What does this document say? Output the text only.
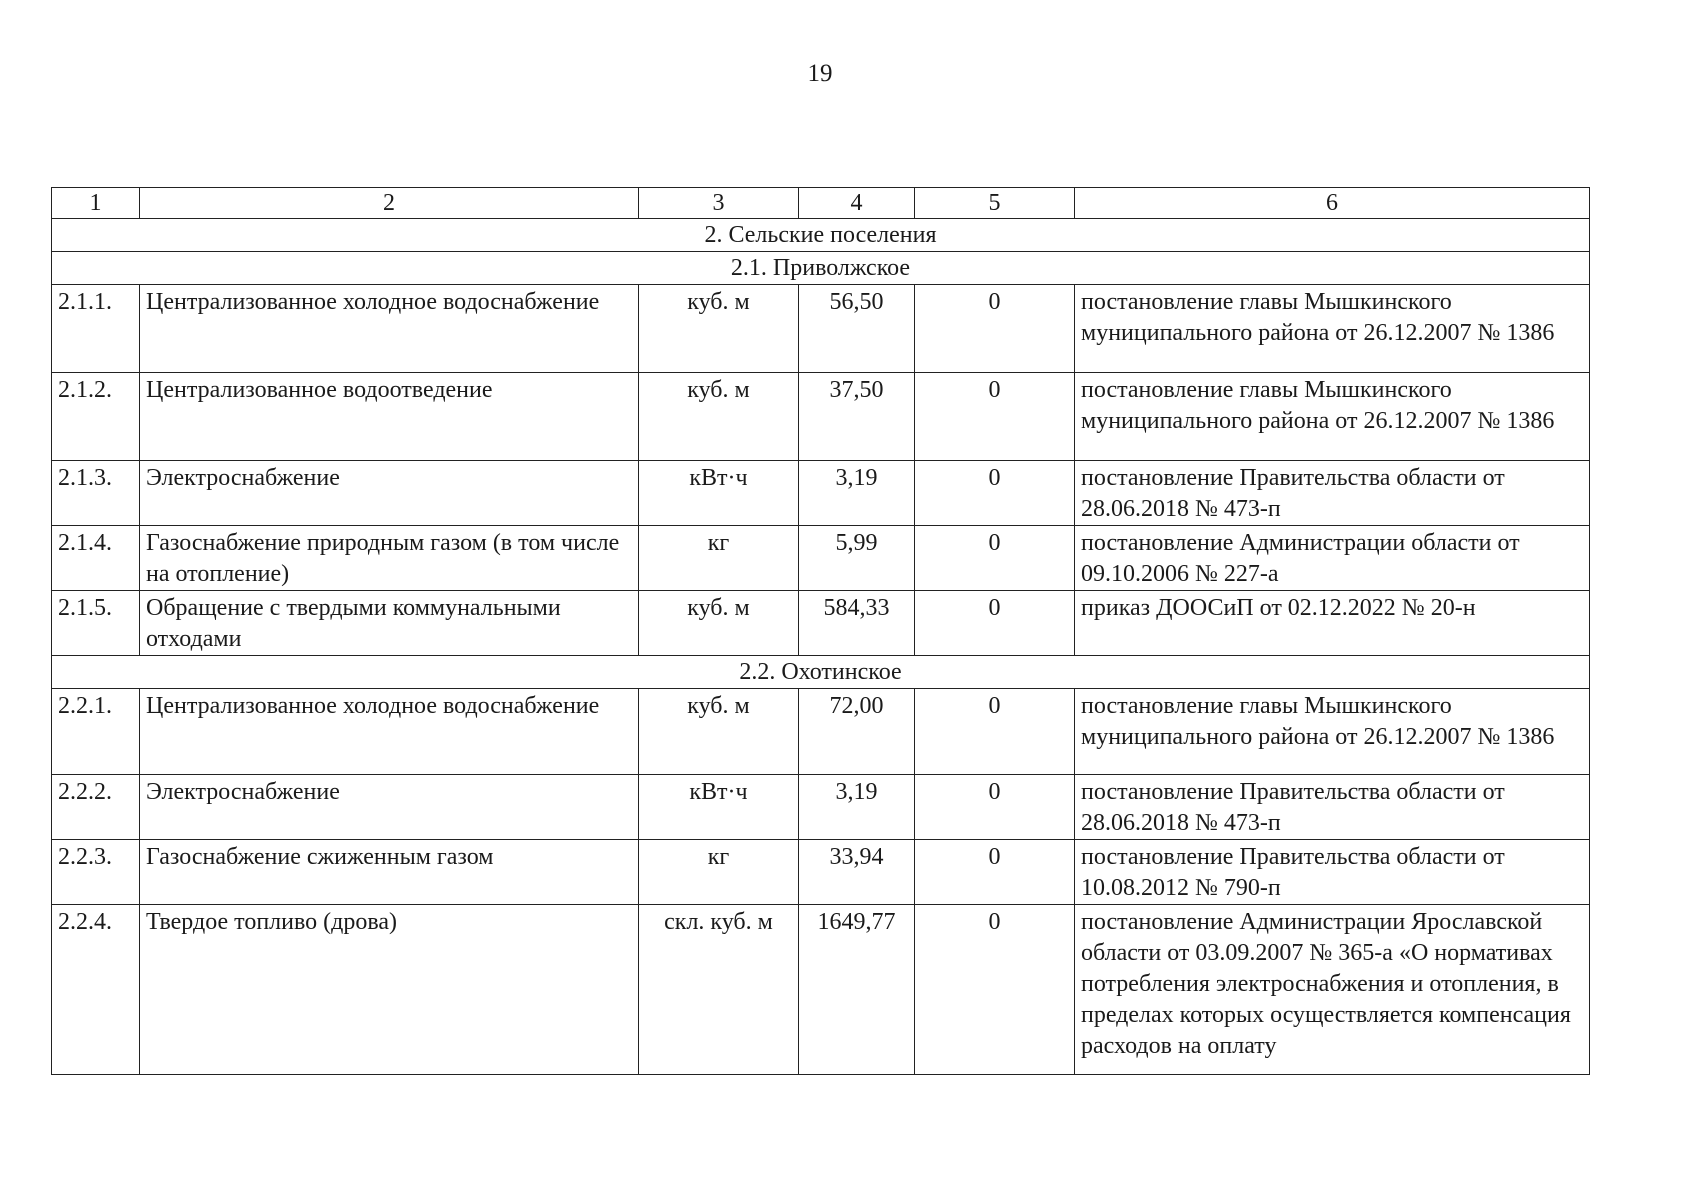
19
1	2	3	4	5	6
2. Сельские поселения					
2.1. Приволжское					
2.1.1.	Централизованное холодное водоснабжение	куб. м	56,50	0	постановление главы Мышкинского муниципального района от 26.12.2007 № 1386
2.1.2.	Централизованное водоотведение	куб. м	37,50	0	постановление главы Мышкинского муниципального района от 26.12.2007 № 1386
2.1.3.	Электроснабжение	кВт·ч	3,19	0	постановление Правительства области от 28.06.2018 № 473-п
2.1.4.	Газоснабжение природным газом (в том числе на отопление)	кг	5,99	0	постановление Администрации области от 09.10.2006 № 227-а
2.1.5.	Обращение с твердыми коммунальными отходами	куб. м	584,33	0	приказ ДООСиП от 02.12.2022 № 20-н
2.2. Охотинское					
2.2.1.	Централизованное холодное водоснабжение	куб. м	72,00	0	постановление главы Мышкинского муниципального района от 26.12.2007 № 1386
2.2.2.	Электроснабжение	кВт·ч	3,19	0	постановление Правительства области от 28.06.2018 № 473-п
2.2.3.	Газоснабжение сжиженным газом	кг	33,94	0	постановление Правительства области от 10.08.2012 № 790-п
2.2.4.	Твердое топливо (дрова)	скл. куб. м	1649,77	0	постановление Администрации Ярославской области от 03.09.2007 № 365-а «О нормативах потребления электроснабжения и отопления, в пределах которых осуществляется компенсация расходов на оплату
